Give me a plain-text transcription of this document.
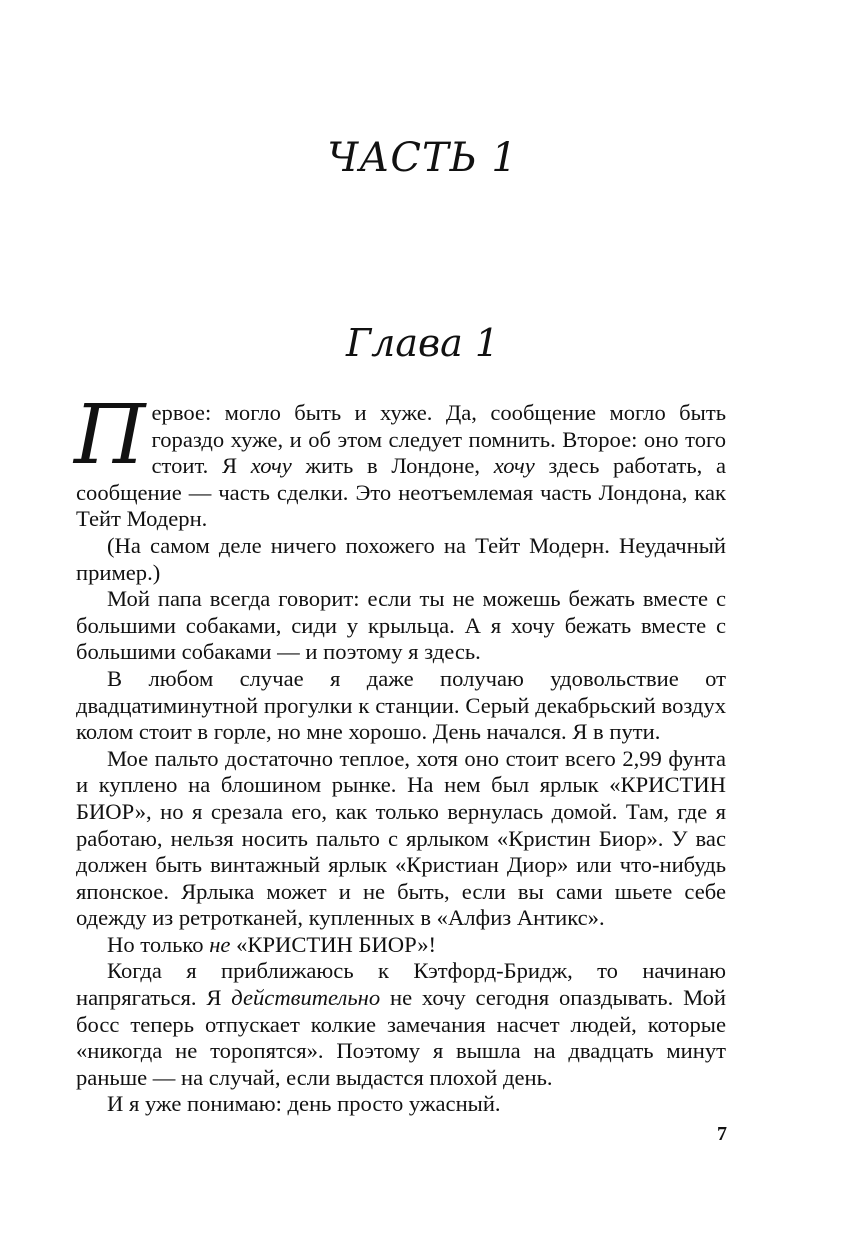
ЧАСТЬ 1
Глава 1

Первое: могло быть и хуже. Да, сообщение могло быть гораздо хуже, и об этом следует помнить. Второе: оно того стоит. Я хочу жить в Лондоне, хочу здесь работать, а сообщение — часть сделки. Это неотъемлемая часть Лондона, как Тейт Модерн.

(На самом деле ничего похожего на Тейт Модерн. Неудачный пример.)

Мой папа всегда говорит: если ты не можешь бежать вместе с большими собаками, сиди у крыльца. А я хочу бежать вместе с большими собаками — и поэтому я здесь.

В любом случае я даже получаю удовольствие от двадцатиминутной прогулки к станции. Серый декабрьский воздух колом стоит в горле, но мне хорошо. День начался. Я в пути.

Мое пальто достаточно теплое, хотя оно стоит всего 2,99 фунта и куплено на блошином рынке. На нем был ярлык «КРИСТИН БИОР», но я срезала его, как только вернулась домой. Там, где я работаю, нельзя носить пальто с ярлыком «Кристин Биор». У вас должен быть винтажный ярлык «Кристиан Диор» или что-нибудь японское. Ярлыка может и не быть, если вы сами шьете себе одежду из ретротканей, купленных в «Алфиз Антикс».

Но только не «КРИСТИН БИОР»!

Когда я приближаюсь к Кэтфорд-Бридж, то начинаю напрягаться. Я действительно не хочу сегодня опаздывать. Мой босс теперь отпускает колкие замечания насчет людей, которые «никогда не торопятся». Поэтому я вышла на двадцать минут раньше — на случай, если выдастся плохой день.

И я уже понимаю: день просто ужасный.

7
